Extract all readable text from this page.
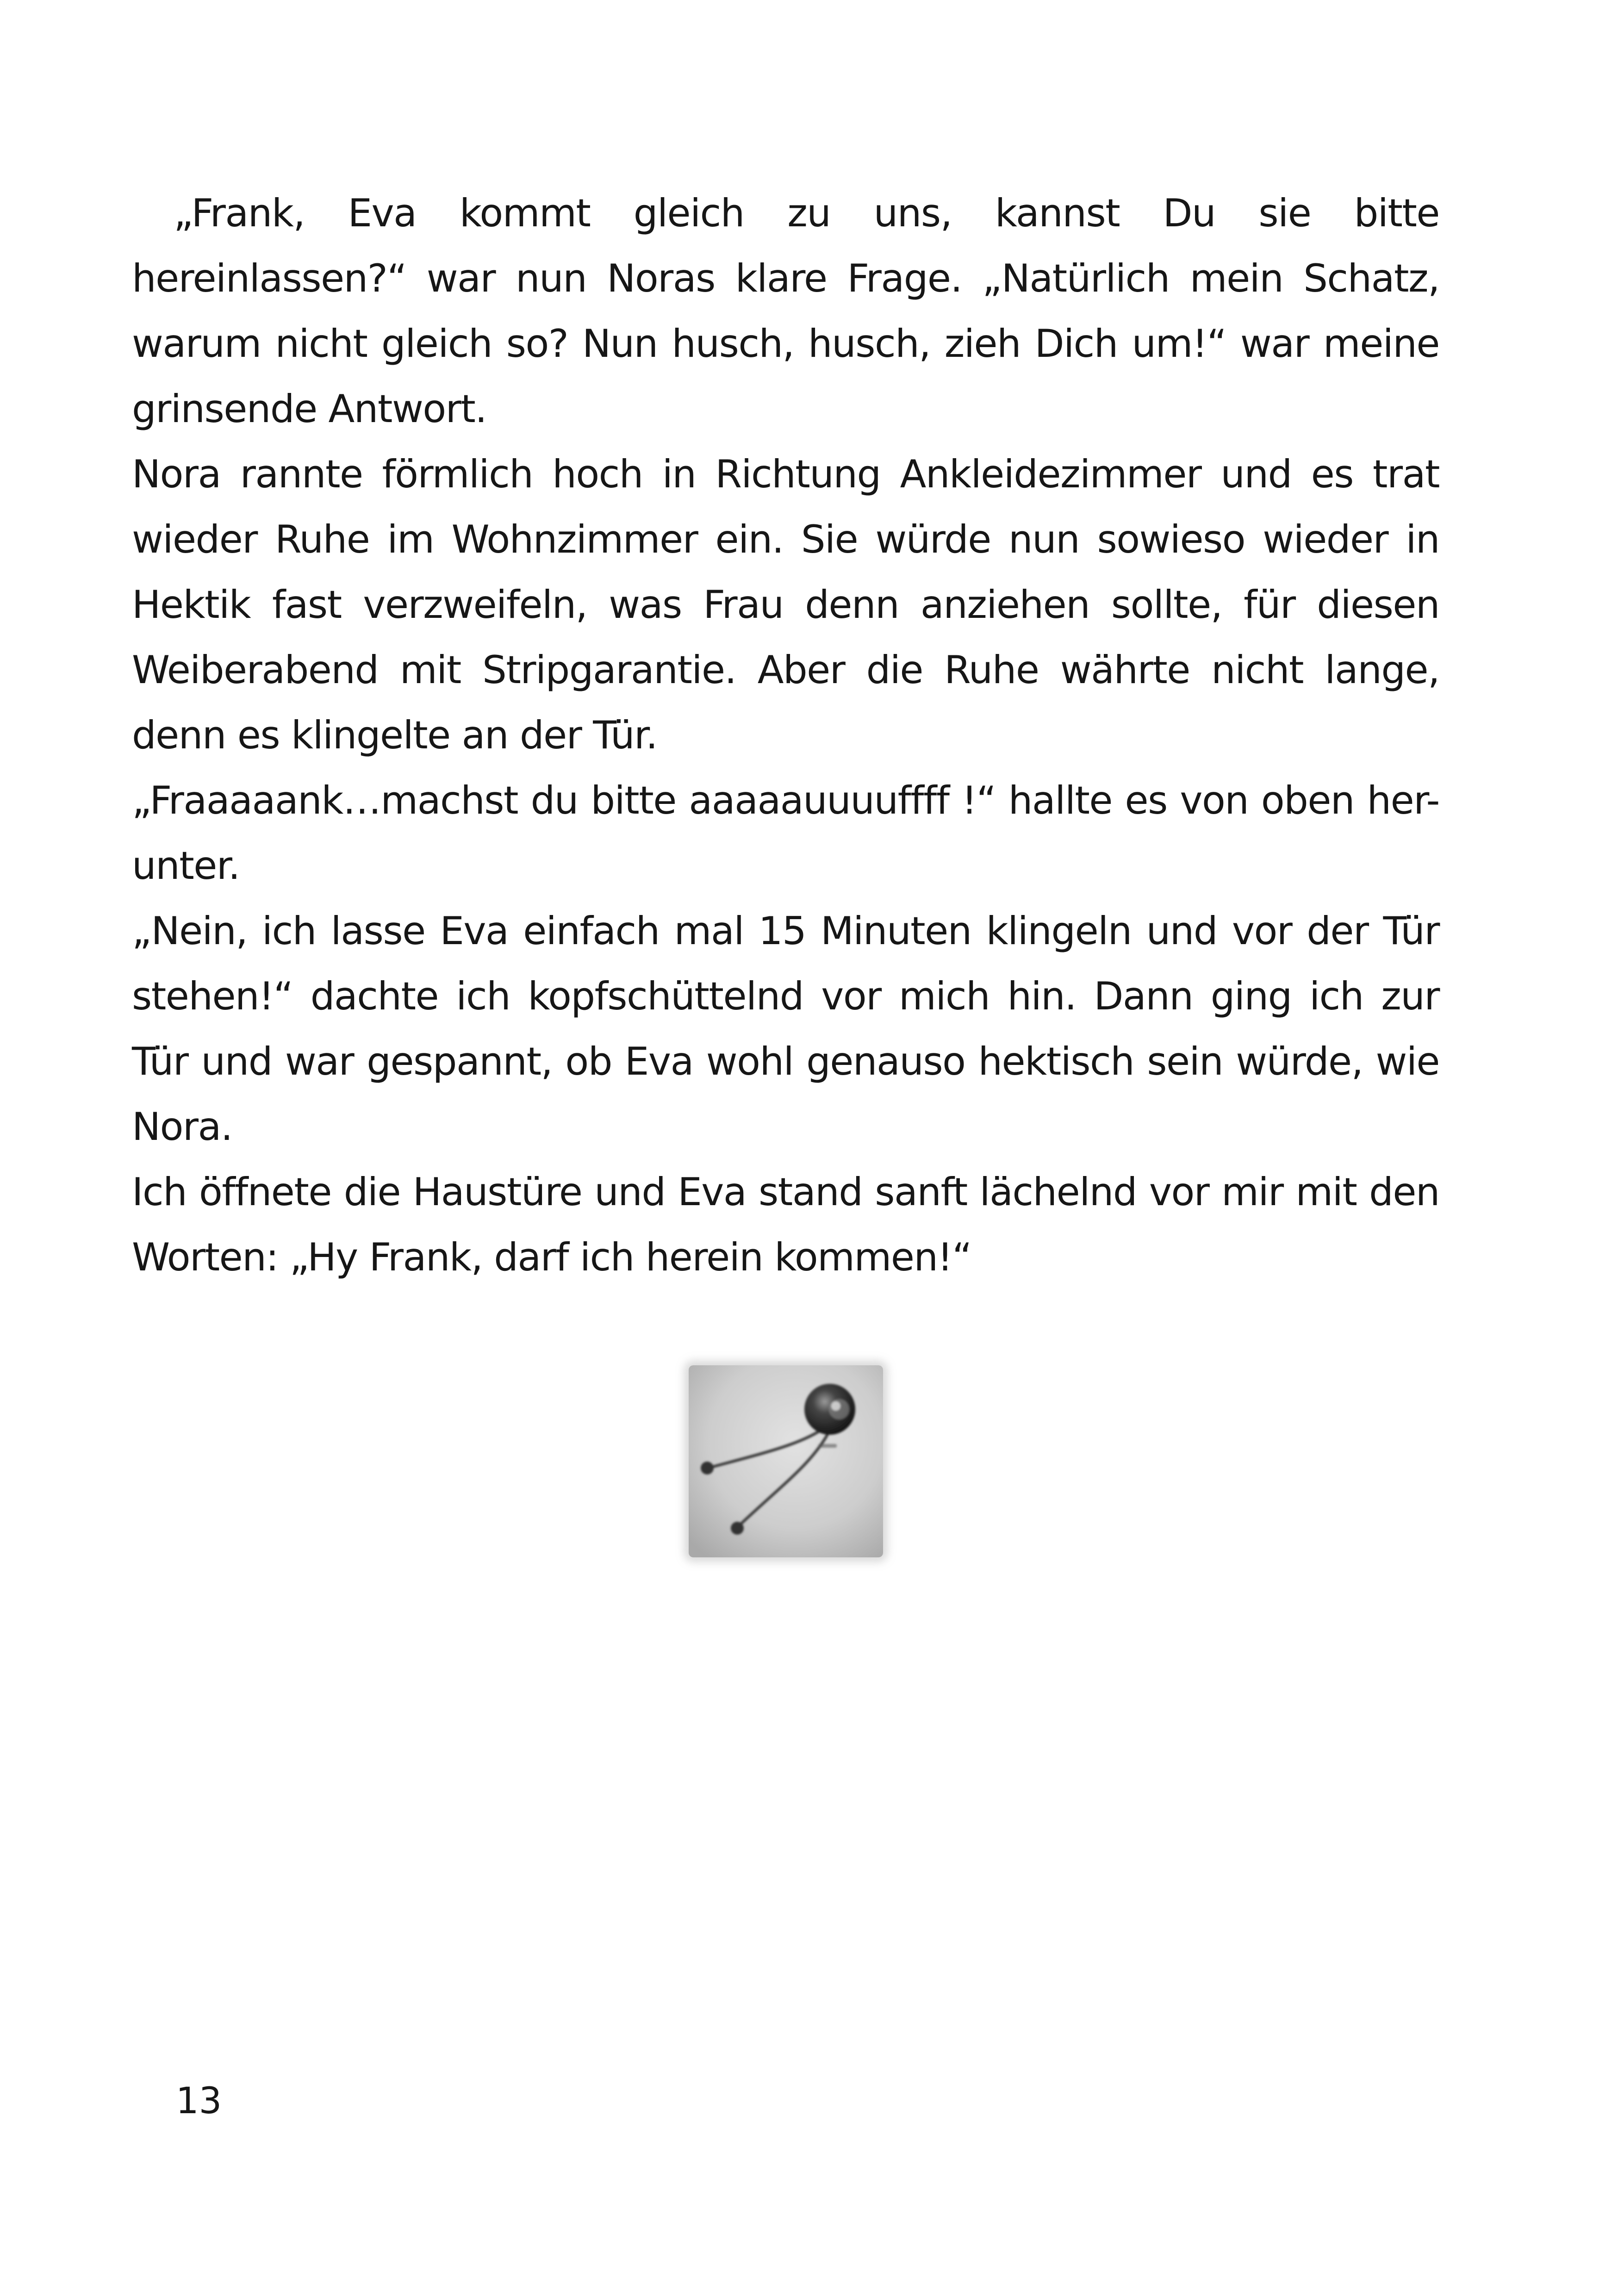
„Frank, Eva kommt gleich zu uns, kannst Du sie bitte hereinlassen?“ war nun Noras klare Frage. „Natürlich mein Schatz, warum nicht gleich so? Nun husch, husch, zieh Dich um!“ war meine grinsende Antwort.

Nora rannte förmlich hoch in Richtung Ankleidezimmer und es trat wieder Ruhe im Wohnzimmer ein. Sie würde nun sowieso wieder in Hektik fast verzweifeln, was Frau denn anziehen sollte, für diesen Weiberabend mit Stripgarantie. Aber die Ruhe währte nicht lange, denn es klingelte an der Tür.

„Fraaaaank…machst du bitte aaaaauuuuffff !“ hallte es von oben her-unter.

„Nein, ich lasse Eva einfach mal 15 Minuten klingeln und vor der Tür stehen!“ dachte ich kopfschüttelnd vor mich hin. Dann ging ich zur Tür und war gespannt, ob Eva wohl genauso hektisch sein würde, wie Nora.

Ich öffnete die Haustüre und Eva stand sanft lächelnd vor mir mit den Worten: „Hy Frank, darf ich herein kommen!“

13
